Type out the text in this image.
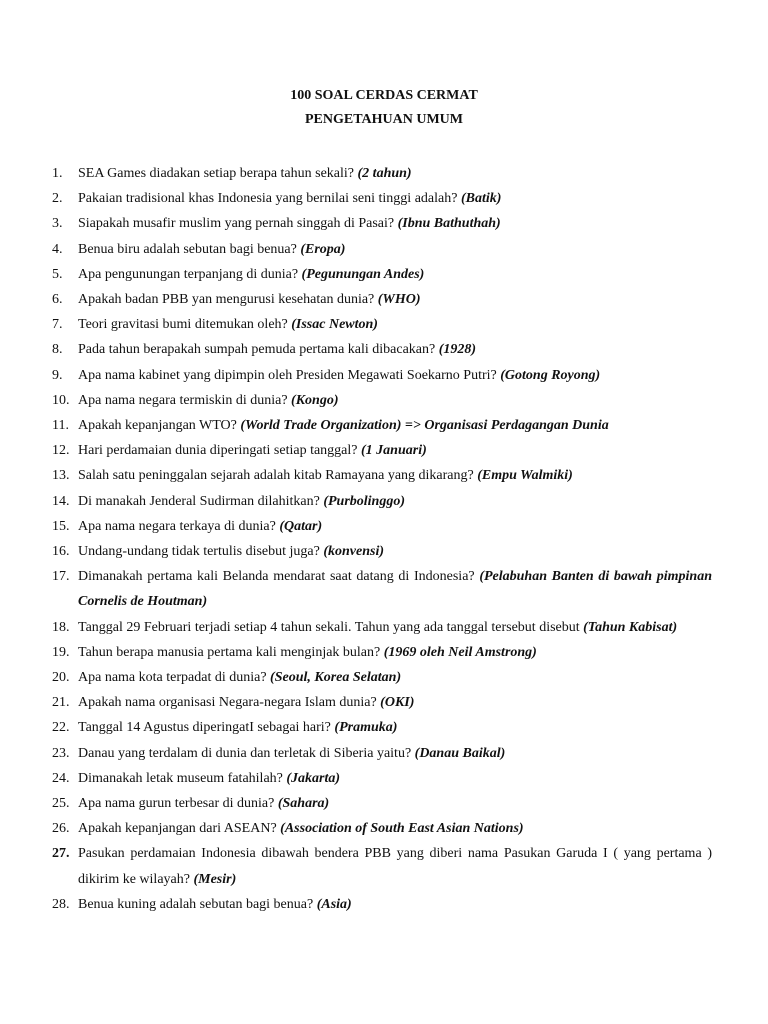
100 SOAL CERDAS CERMAT
PENGETAHUAN UMUM
1.	SEA Games diadakan setiap berapa tahun sekali? (2 tahun)
2.	Pakaian tradisional khas Indonesia yang bernilai seni tinggi adalah? (Batik)
3.	Siapakah musafir muslim yang pernah singgah di Pasai? (Ibnu Bathuthah)
4.	Benua biru adalah sebutan bagi benua? (Eropa)
5.	Apa pengunungan terpanjang di dunia? (Pegunungan Andes)
6.	Apakah badan PBB yan mengurusi kesehatan dunia? (WHO)
7.	Teori gravitasi bumi ditemukan oleh? (Issac Newton)
8.	Pada tahun berapakah sumpah pemuda pertama kali dibacakan? (1928)
9.	Apa nama kabinet yang dipimpin oleh Presiden Megawati Soekarno Putri? (Gotong Royong)
10. Apa nama negara termiskin di dunia? (Kongo)
11. Apakah kepanjangan WTO? (World Trade Organization) => Organisasi Perdagangan Dunia
12. Hari perdamaian dunia diperingati setiap tanggal? (1 Januari)
13. Salah satu peninggalan sejarah adalah kitab Ramayana yang dikarang? (Empu Walmiki)
14. Di manakah Jenderal Sudirman dilahitkan? (Purbolinggo)
15. Apa nama negara terkaya di dunia? (Qatar)
16. Undang-undang tidak tertulis disebut juga? (konvensi)
17. Dimanakah pertama kali Belanda mendarat saat datang di Indonesia? (Pelabuhan Banten di bawah pimpinan Cornelis de Houtman)
18. Tanggal 29 Februari terjadi setiap 4 tahun sekali. Tahun yang ada tanggal tersebut disebut (Tahun Kabisat)
19. Tahun berapa manusia pertama kali menginjak bulan? (1969 oleh Neil Amstrong)
20. Apa nama kota terpadat di dunia? (Seoul, Korea Selatan)
21. Apakah nama organisasi Negara-negara Islam dunia? (OKI)
22. Tanggal 14 Agustus diperingatI sebagai hari? (Pramuka)
23. Danau yang terdalam di dunia dan terletak di Siberia yaitu? (Danau Baikal)
24. Dimanakah letak museum fatahilah? (Jakarta)
25. Apa nama gurun terbesar di dunia? (Sahara)
26. Apakah kepanjangan dari ASEAN? (Association of South East Asian Nations)
27. Pasukan perdamaian Indonesia dibawah bendera PBB yang diberi nama Pasukan Garuda I ( yang pertama ) dikirim ke wilayah? (Mesir)
28. Benua kuning adalah sebutan bagi benua? (Asia)
